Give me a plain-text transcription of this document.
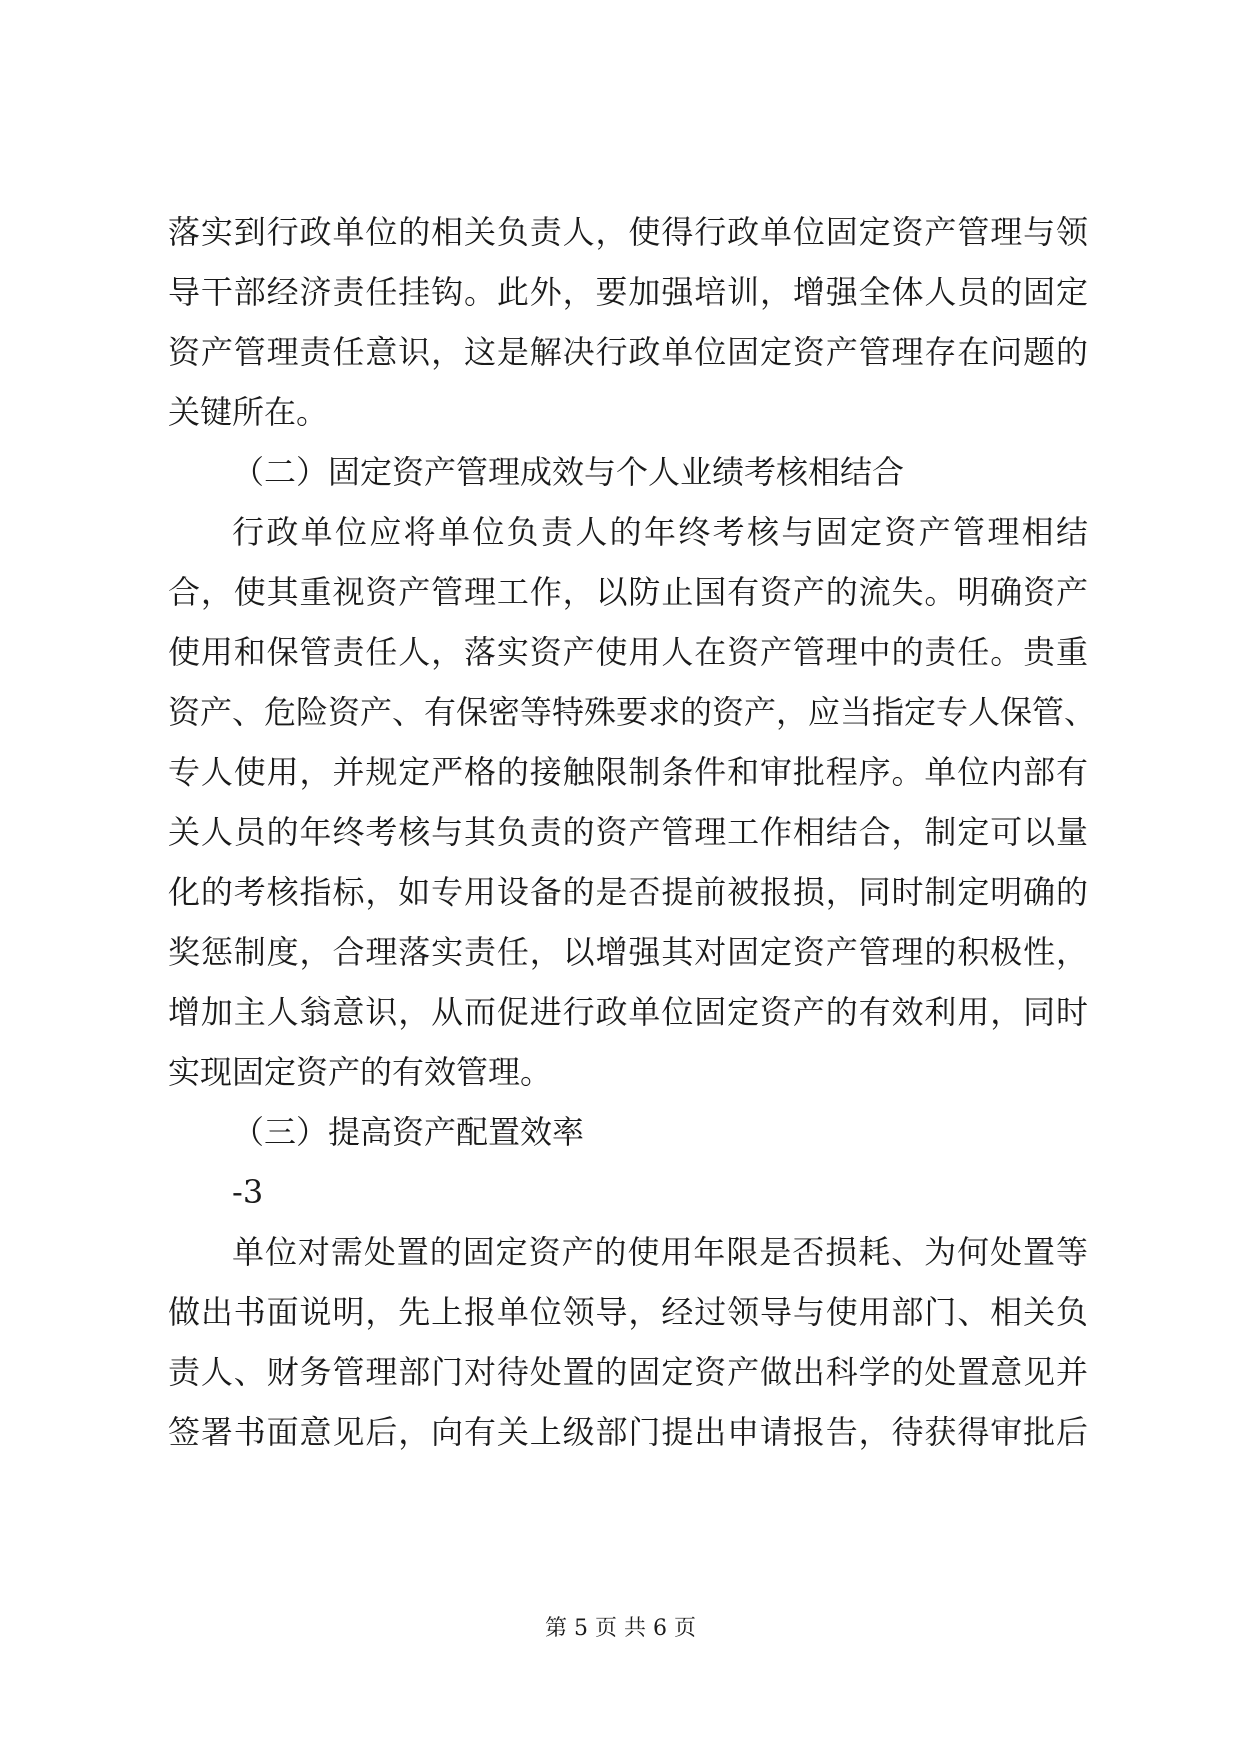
落实到行政单位的相关负责人，使得行政单位固定资产管理与领
导干部经济责任挂钩。此外，要加强培训，增强全体人员的固定
资产管理责任意识，这是解决行政单位固定资产管理存在问题的
关键所在。
（二）固定资产管理成效与个人业绩考核相结合
行政单位应将单位负责人的年终考核与固定资产管理相结
合，使其重视资产管理工作，以防止国有资产的流失。明确资产
使用和保管责任人，落实资产使用人在资产管理中的责任。贵重
资产、危险资产、有保密等特殊要求的资产，应当指定专人保管、
专人使用，并规定严格的接触限制条件和审批程序。单位内部有
关人员的年终考核与其负责的资产管理工作相结合，制定可以量
化的考核指标，如专用设备的是否提前被报损，同时制定明确的
奖惩制度，合理落实责任，以增强其对固定资产管理的积极性，
增加主人翁意识，从而促进行政单位固定资产的有效利用，同时
实现固定资产的有效管理。
（三）提高资产配置效率
-3
单位对需处置的固定资产的使用年限是否损耗、为何处置等
做出书面说明，先上报单位领导，经过领导与使用部门、相关负
责人、财务管理部门对待处置的固定资产做出科学的处置意见并
签署书面意见后，向有关上级部门提出申请报告，待获得审批后
第 5 页 共 6 页
